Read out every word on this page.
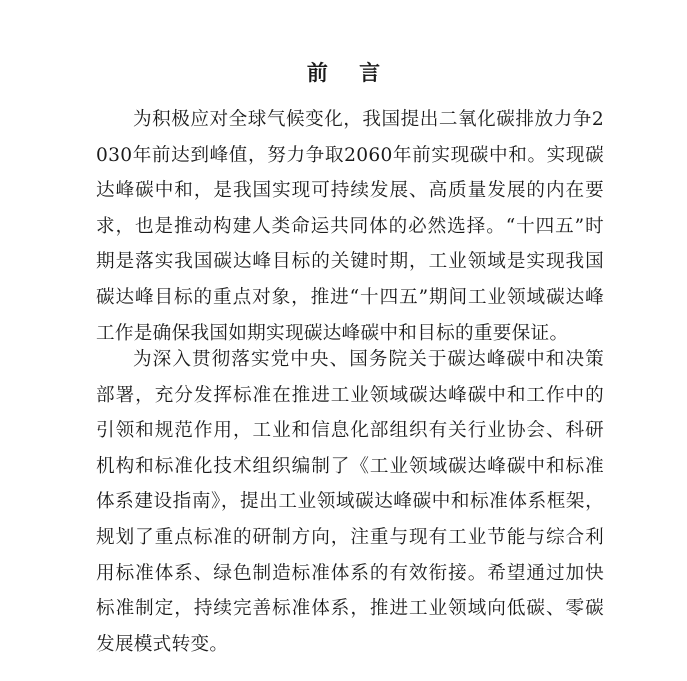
前 言

为积极应对全球气候变化，我国提出二氧化碳排放力争2030年前达到峰值，努力争取2060年前实现碳中和。实现碳达峰碳中和，是我国实现可持续发展、高质量发展的内在要求，也是推动构建人类命运共同体的必然选择。“十四五”时期是落实我国碳达峰目标的关键时期，工业领域是实现我国碳达峰目标的重点对象，推进“十四五”期间工业领域碳达峰工作是确保我国如期实现碳达峰碳中和目标的重要保证。

为深入贯彻落实党中央、国务院关于碳达峰碳中和决策部署，充分发挥标准在推进工业领域碳达峰碳中和工作中的引领和规范作用，工业和信息化部组织有关行业协会、科研机构和标准化技术组织编制了《工业领域碳达峰碳中和标准体系建设指南》，提出工业领域碳达峰碳中和标准体系框架，规划了重点标准的研制方向，注重与现有工业节能与综合利用标准体系、绿色制造标准体系的有效衔接。希望通过加快标准制定，持续完善标准体系，推进工业领域向低碳、零碳发展模式转变。
